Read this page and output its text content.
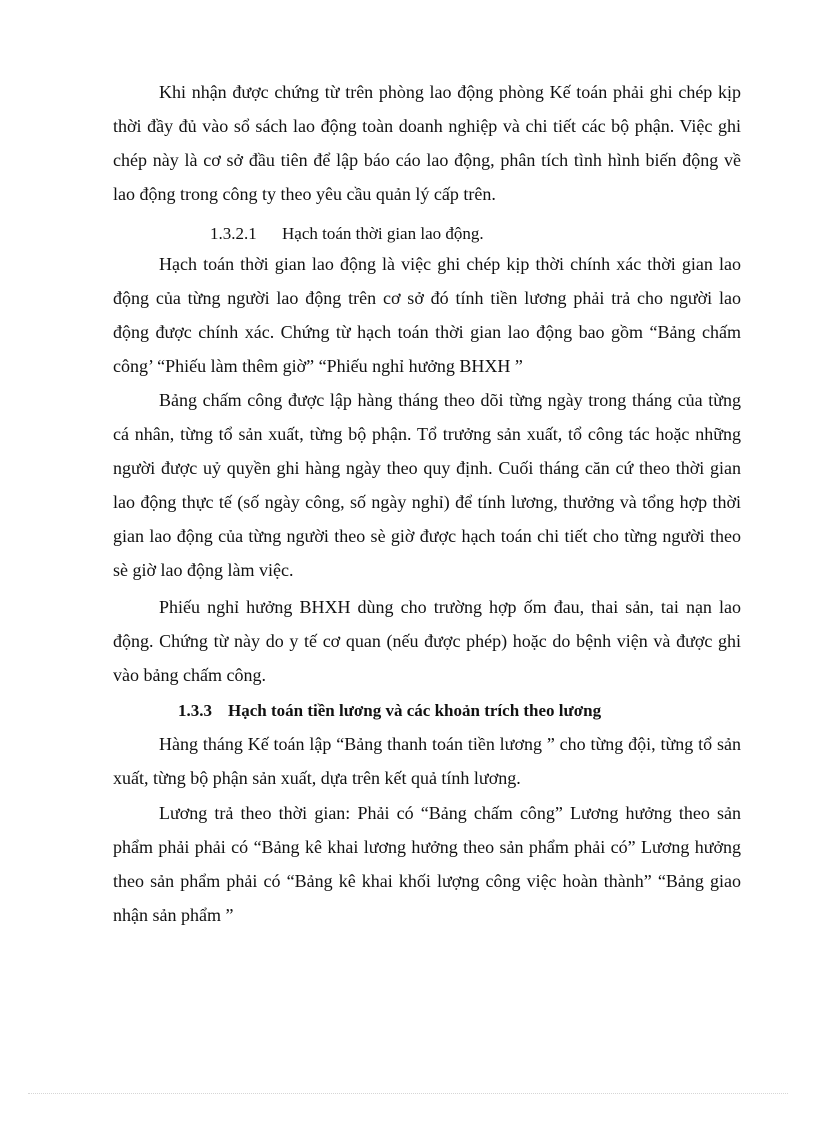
Khi nhận được chứng từ trên phòng lao động phòng Kế toán phải ghi chép kịp thời đầy đủ vào sổ sách lao động toàn doanh nghiệp và chi tiết các bộ phận. Việc ghi chép này là cơ sở đầu tiên để lập báo cáo lao động, phân tích tình hình biến động về lao động trong công ty theo yêu cầu quản lý cấp trên.

1.3.2.1 Hạch toán thời gian lao động.

Hạch toán thời gian lao động là việc ghi chép kịp thời chính xác thời gian lao động của từng người lao động trên cơ sở đó tính tiền lương phải trả cho người lao động được chính xác. Chứng từ hạch toán thời gian lao động bao gồm “Bảng chấm công’ “Phiếu làm thêm giờ” “Phiếu nghỉ hưởng BHXH ”

Bảng chấm công được lập hàng tháng theo dõi từng ngày trong tháng của từng cá nhân, từng tổ sản xuất, từng bộ phận. Tổ trưởng sản xuất, tổ công tác hoặc những người được uỷ quyền ghi hàng ngày theo quy định. Cuối tháng căn cứ theo thời gian lao động thực tế (số ngày công, số ngày nghỉ) để tính lương, thưởng và tổng hợp thời gian lao động của từng người theo sè giờ được hạch toán chi tiết cho từng người theo sè giờ lao động làm việc.

Phiếu nghỉ hưởng BHXH dùng cho trường hợp ốm đau, thai sản, tai nạn lao động. Chứng từ này do y tế cơ quan (nếu được phép) hoặc do bệnh viện và được ghi vào bảng chấm công.

1.3.3 Hạch toán tiền lương và các khoản trích theo lương

Hàng tháng Kế toán lập “Bảng thanh toán tiền lương ” cho từng đội, từng tổ sản xuất, từng bộ phận sản xuất, dựa trên kết quả tính lương.

Lương trả theo thời gian: Phải có “Bảng chấm công” Lương hưởng theo sản phẩm phải phải có “Bảng kê khai lương hưởng theo sản phẩm phải có” Lương hưởng theo sản phẩm phải có “Bảng kê khai khối lượng công việc hoàn thành” “Bảng giao nhận sản phẩm ”
